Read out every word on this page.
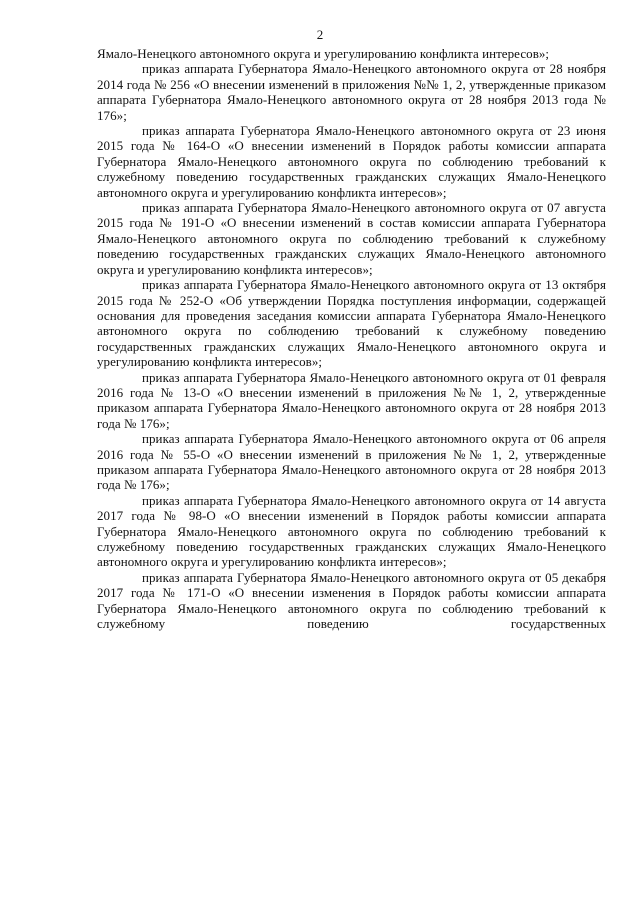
2

Ямало-Ненецкого автономного округа и урегулированию конфликта интересов»;

приказ аппарата Губернатора Ямало-Ненецкого автономного округа от 28 ноября 2014 года № 256 «О внесении изменений в приложения №№ 1, 2, утвержденные приказом аппарата Губернатора Ямало-Ненецкого автономного округа от 28 ноября 2013 года № 176»;

приказ аппарата Губернатора Ямало-Ненецкого автономного округа от 23 июня 2015 года № 164-О «О внесении изменений в Порядок работы комиссии аппарата Губернатора Ямало-Ненецкого автономного округа по соблюдению требований к служебному поведению государственных гражданских служащих Ямало-Ненецкого автономного округа и урегулированию конфликта интересов»;

приказ аппарата Губернатора Ямало-Ненецкого автономного округа от 07 августа 2015 года № 191-О «О внесении изменений в состав комиссии аппарата Губернатора Ямало-Ненецкого автономного округа по соблюдению требований к служебному поведению государственных гражданских служащих Ямало-Ненецкого автономного округа и урегулированию конфликта интересов»;

приказ аппарата Губернатора Ямало-Ненецкого автономного округа от 13 октября 2015 года № 252-О «Об утверждении Порядка поступления информации, содержащей основания для проведения заседания комиссии аппарата Губернатора Ямало-Ненецкого автономного округа по соблюдению требований к служебному поведению государственных гражданских служащих Ямало-Ненецкого автономного округа и урегулированию конфликта интересов»;

приказ аппарата Губернатора Ямало-Ненецкого автономного округа от 01 февраля 2016 года № 13-О «О внесении изменений в приложения №№ 1, 2, утвержденные приказом аппарата Губернатора Ямало-Ненецкого автономного округа от 28 ноября 2013 года № 176»;

приказ аппарата Губернатора Ямало-Ненецкого автономного округа от 06 апреля 2016 года № 55-О «О внесении изменений в приложения №№ 1, 2, утвержденные приказом аппарата Губернатора Ямало-Ненецкого автономного округа от 28 ноября 2013 года № 176»;

приказ аппарата Губернатора Ямало-Ненецкого автономного округа от 14 августа 2017 года № 98-О «О внесении изменений в Порядок работы комиссии аппарата Губернатора Ямало-Ненецкого автономного округа по соблюдению требований к служебному поведению государственных гражданских служащих Ямало-Ненецкого автономного округа и урегулированию конфликта интересов»;

приказ аппарата Губернатора Ямало-Ненецкого автономного округа от 05 декабря 2017 года № 171-О «О внесении изменения в Порядок работы комиссии аппарата Губернатора Ямало-Ненецкого автономного округа по соблюдению требований к служебному поведению государственных
